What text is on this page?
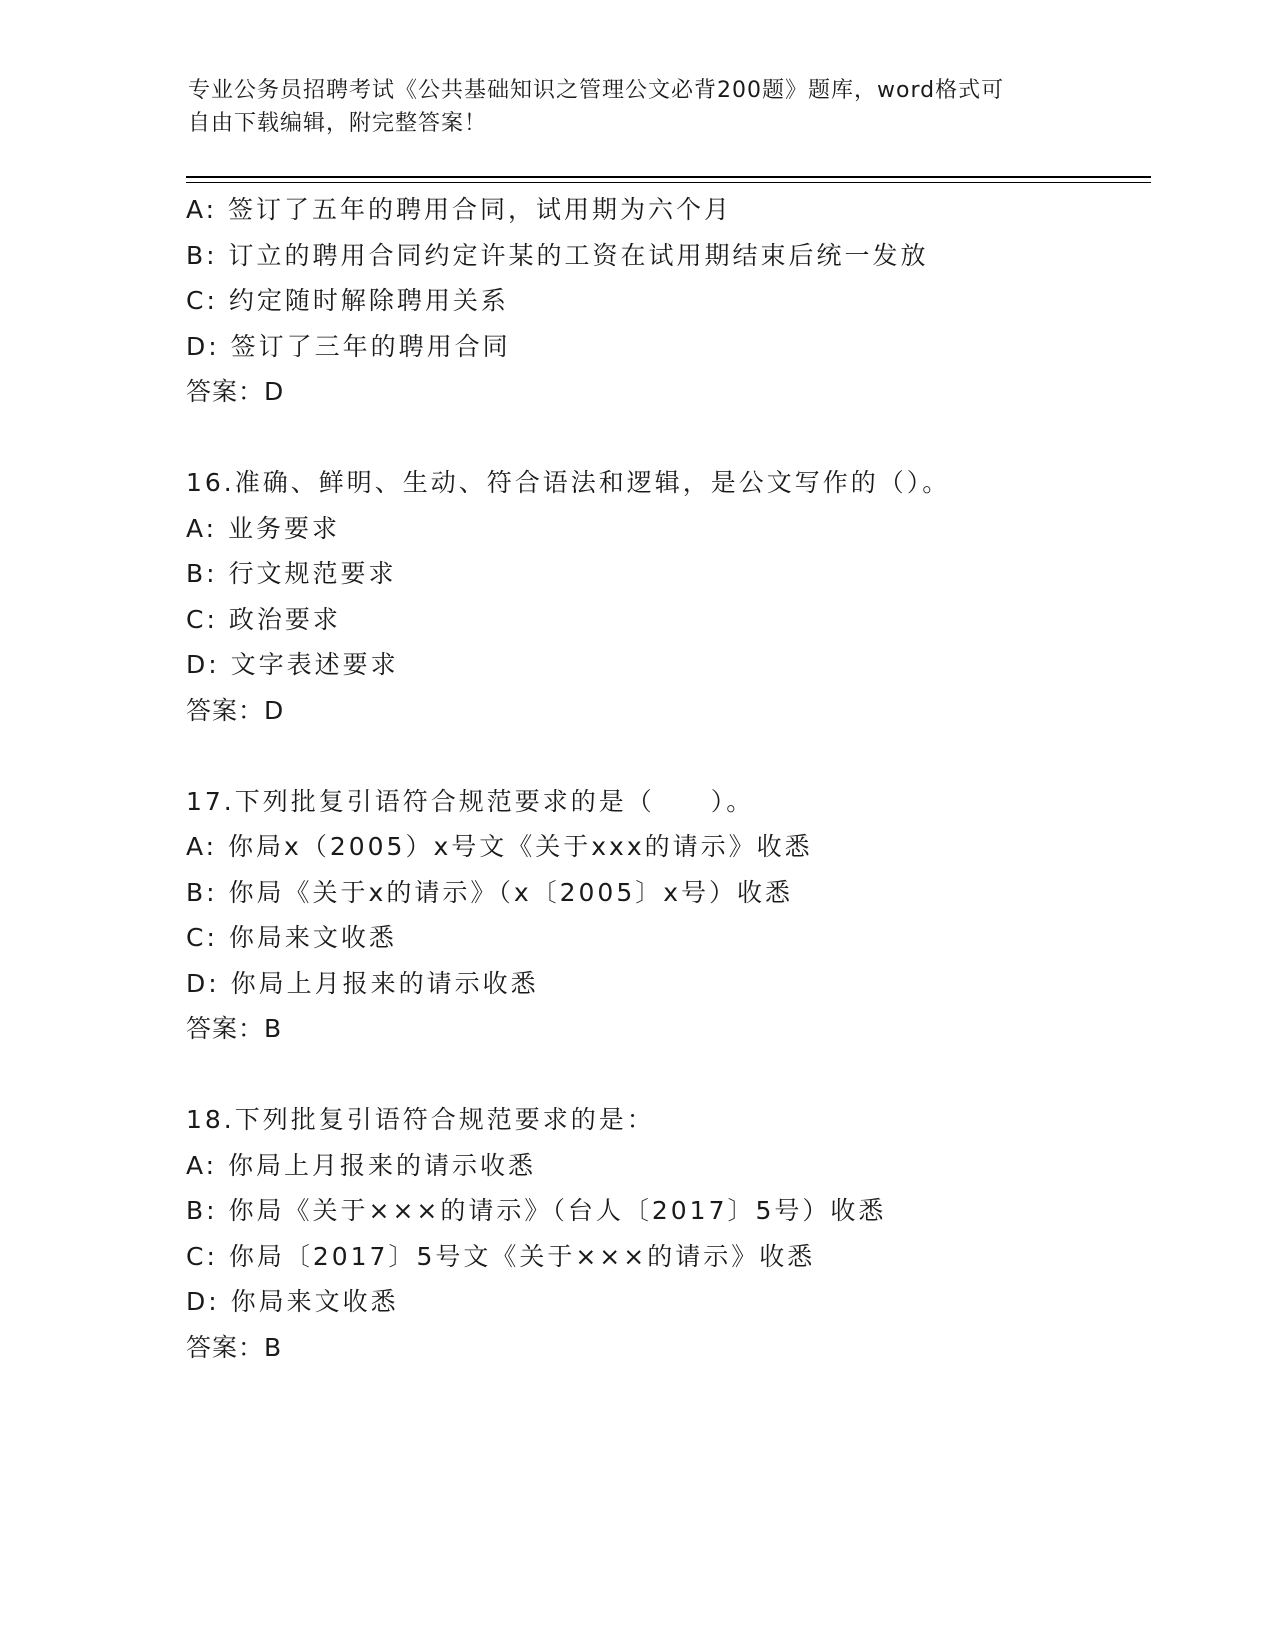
专业公务员招聘考试《公共基础知识之管理公文必背200题》题库，word格式可
自由下载编辑，附完整答案！
A: 签订了五年的聘用合同，试用期为六个月
B: 订立的聘用合同约定许某的工资在试用期结束后统一发放
C: 约定随时解除聘用关系
D: 签订了三年的聘用合同
答案：D
16.准确、鲜明、生动、符合语法和逻辑，是公文写作的（）。
A: 业务要求
B: 行文规范要求
C: 政治要求
D: 文字表述要求
答案：D
17.下列批复引语符合规范要求的是（　　）。
A: 你局x（2005）x号文《关于xxx的请示》收悉
B: 你局《关于x的请示》（x〔2005〕x号）收悉
C: 你局来文收悉
D: 你局上月报来的请示收悉
答案：B
18.下列批复引语符合规范要求的是：
A: 你局上月报来的请示收悉
B: 你局《关于×××的请示》（台人〔2017〕5号）收悉
C: 你局〔2017〕5号文《关于×××的请示》收悉
D: 你局来文收悉
答案：B
